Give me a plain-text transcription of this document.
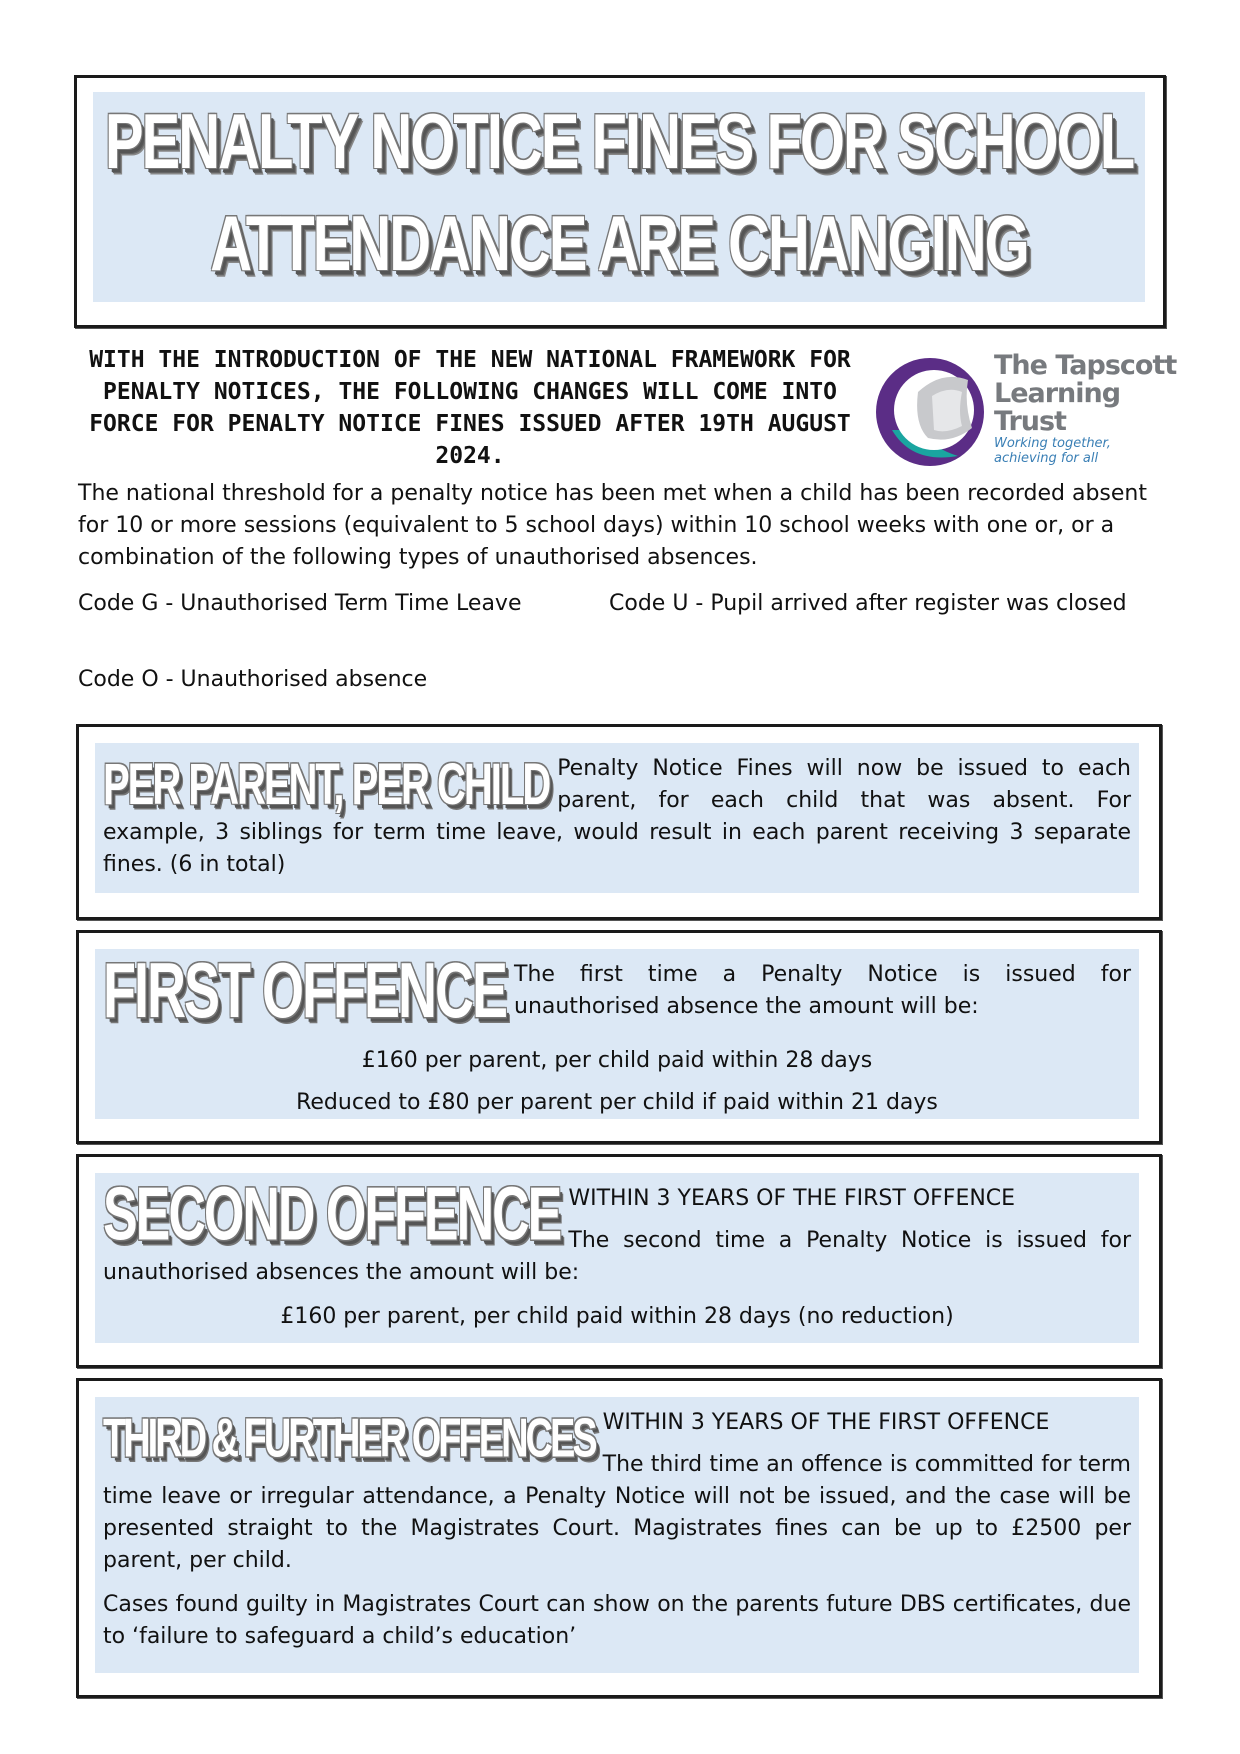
PENALTY NOTICE FINES FOR SCHOOL
ATTENDANCE ARE CHANGING
WITH THE INTRODUCTION OF THE NEW NATIONAL FRAMEWORK FOR PENALTY NOTICES, THE FOLLOWING CHANGES WILL COME INTO FORCE FOR PENALTY NOTICE FINES ISSUED AFTER 19TH AUGUST 2024.
The Tapscott
Learning
Trust
Working together,
achieving for all
The national threshold for a penalty notice has been met when a child has been recorded absent for 10 or more sessions (equivalent to 5 school days) within 10 school weeks with one or, or a combination of the following types of unauthorised absences.
Code G - Unauthorised Term Time Leave	Code U - Pupil arrived after register was closed
Code O - Unauthorised absence
PER PARENT, PER CHILD Penalty Notice Fines will now be issued to each parent, for each child that was absent. For example, 3 siblings for term time leave, would result in each parent receiving 3 separate fines. (6 in total)

FIRST OFFENCE The first time a Penalty Notice is issued for unauthorised absence the amount will be:

£160 per parent, per child paid within 28 days
Reduced to £80 per parent per child if paid within 21 days
SECOND OFFENCE WITHIN 3 YEARS OF THE FIRST OFFENCE

The second time a Penalty Notice is issued for unauthorised absences the amount will be:

£160 per parent, per child paid within 28 days (no reduction)
THIRD & FURTHER OFFENCES WITHIN 3 YEARS OF THE FIRST OFFENCE

The third time an offence is committed for term time leave or irregular attendance, a Penalty Notice will not be issued, and the case will be presented straight to the Magistrates Court. Magistrates fines can be up to £2500 per parent, per child.

Cases found guilty in Magistrates Court can show on the parents future DBS certificates, due to ‘failure to safeguard a child’s education’
